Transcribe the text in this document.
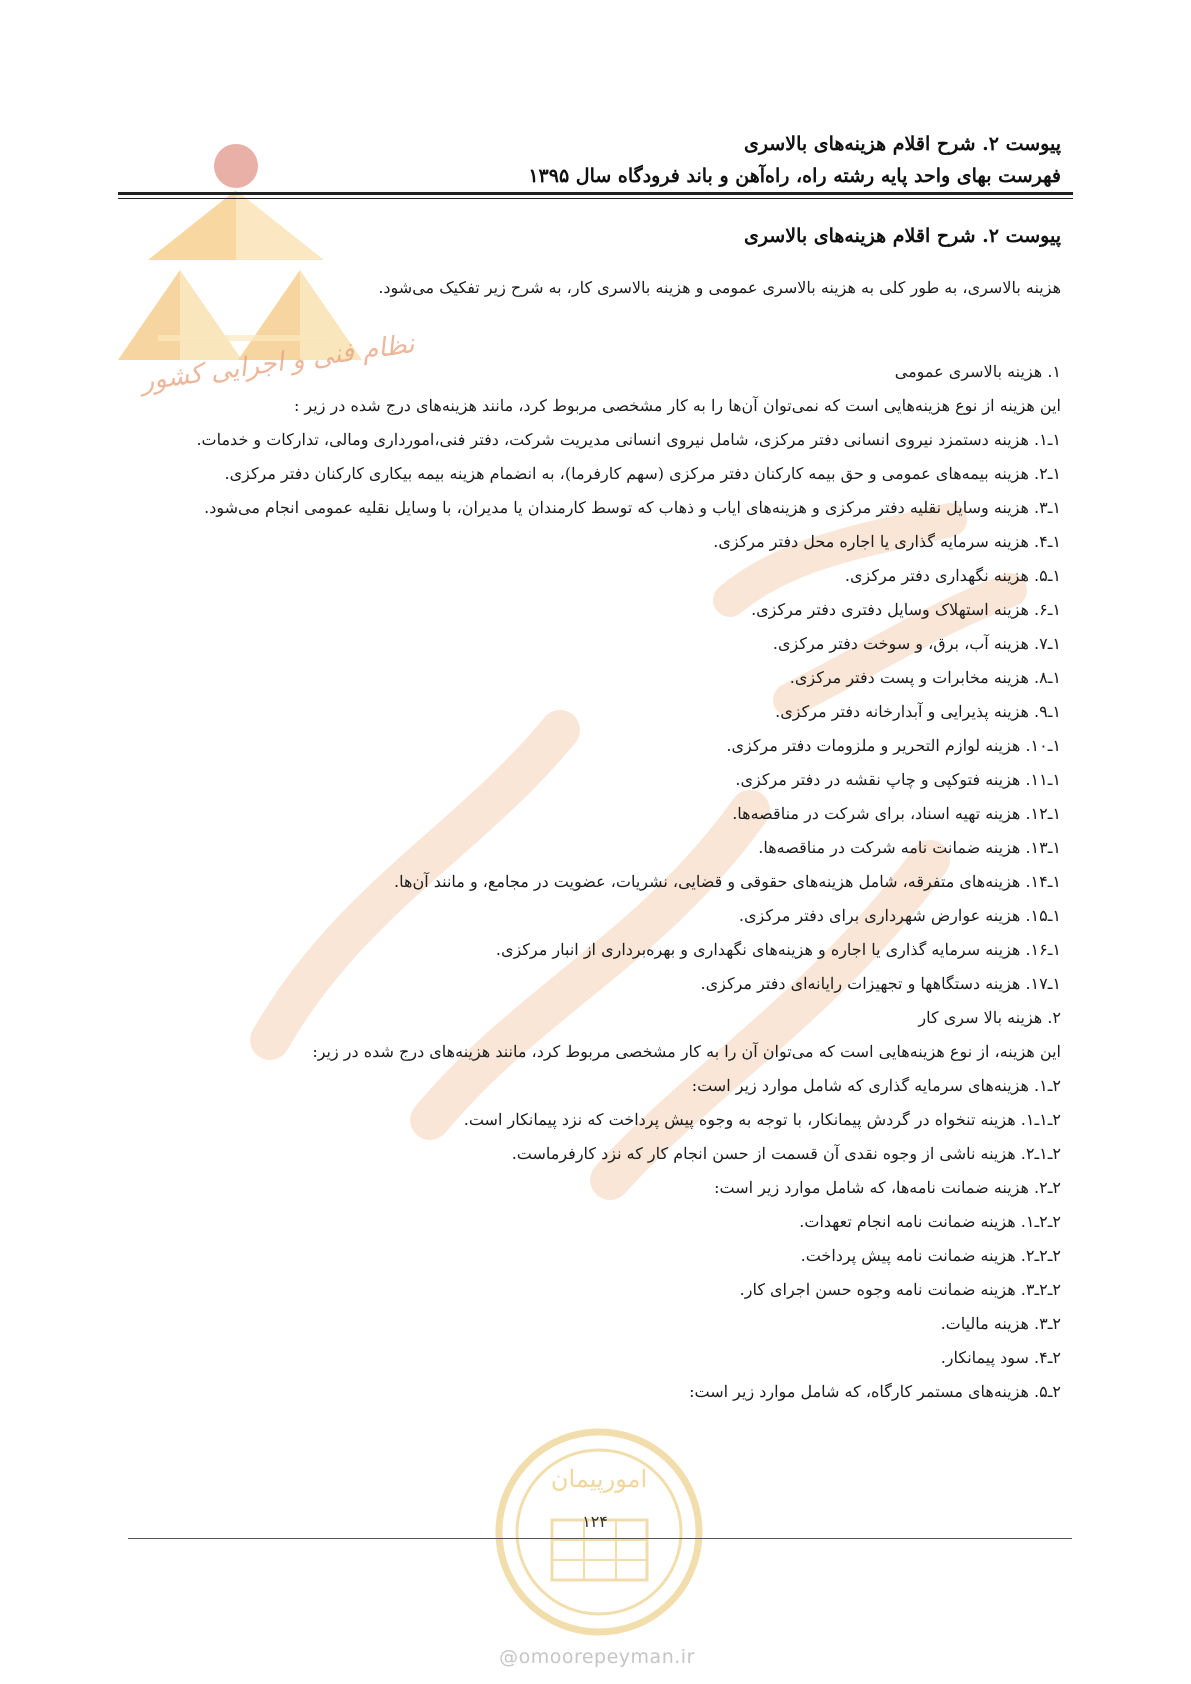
نظام فنی و اجرایی کشور
پیوست ۲. شرح اقلام هزینه‌های بالاسری
فهرست بهای واحد پایه رشته راه، راه‌آهن و باند فرودگاه سال ۱۳۹۵
پیوست ۲. شرح اقلام هزینه‌های بالاسری
هزینه بالاسری، به طور کلی به هزینه بالاسری عمومی و هزینه بالاسری کار، به شرح زیر تفکیک می‌شود.
۱. هزینه بالاسری عمومی
این هزینه از نوع هزینه‌هایی است که نمی‌توان آن‌ها را به کار مشخصی مربوط کرد، مانند هزینه‌های درج شده در زیر :
۱ـ۱. هزینه دستمزد نیروی انسانی دفتر مرکزی، شامل نیروی انسانی مدیریت شرکت، دفتر فنی،امورداری ومالی، تدارکات و خدمات.
۱ـ۲. هزینه بیمه‌های عمومی و حق بیمه کارکنان دفتر مرکزی (سهم کارفرما)، به انضمام هزینه بیمه بیکاری کارکنان دفتر مرکزی.
۱ـ۳. هزینه وسایل نقلیه دفتر مرکزی و هزینه‌های ایاب و ذهاب که توسط کارمندان یا مدیران، با وسایل نقلیه عمومی انجام می‌شود.
۱ـ۴. هزینه سرمایه گذاری یا اجاره محل دفتر مرکزی.
۱ـ۵. هزینه نگهداری دفتر مرکزی.
۱ـ۶. هزینه استهلاک وسایل دفتری دفتر مرکزی.
۱ـ۷. هزینه آب، برق، و سوخت دفتر مرکزی.
۱ـ۸. هزینه مخابرات و پست دفتر مرکزی.
۱ـ۹. هزینه پذیرایی و آبدارخانه دفتر مرکزی.
۱ـ۱۰. هزینه لوازم التحریر و ملزومات دفتر مرکزی.
۱ـ۱۱. هزینه فتوکپی و چاپ نقشه در دفتر مرکزی.
۱ـ۱۲. هزینه تهیه اسناد، برای شرکت در مناقصه‌ها.
۱ـ۱۳. هزینه ضمانت نامه شرکت در مناقصه‌ها.
۱ـ۱۴. هزینه‌های متفرقه، شامل هزینه‌های حقوقی و قضایی، نشریات، عضویت در مجامع، و مانند آن‌ها.
۱ـ۱۵. هزینه عوارض شهرداری برای دفتر مرکزی.
۱ـ۱۶. هزینه سرمایه گذاری یا اجاره و هزینه‌های نگهداری و بهره‌برداری از انبار مرکزی.
۱ـ۱۷. هزینه دستگاهها و تجهیزات رایانه‌ای دفتر مرکزی.
۲. هزینه بالا سری کار
این هزینه، از نوع هزینه‌هایی است که می‌توان آن را به کار مشخصی مربوط کرد، مانند هزینه‌های درج شده در زیر:
۲ـ۱. هزینه‌های سرمایه گذاری که شامل موارد زیر است:
۲ـ۱ـ۱. هزینه تنخواه در گردش پیمانکار، با توجه به وجوه پیش پرداخت که نزد پیمانکار است.
۲ـ۱ـ۲. هزینه ناشی از وجوه نقدی آن قسمت از حسن انجام کار که نزد کارفرماست.
۲ـ۲. هزینه ضمانت نامه‌ها، که شامل موارد زیر است:
۲ـ۲ـ۱. هزینه ضمانت نامه انجام تعهدات.
۲ـ۲ـ۲. هزینه ضمانت نامه پیش پرداخت.
۲ـ۲ـ۳. هزینه ضمانت نامه وجوه حسن اجرای کار.
۲ـ۳. هزینه مالیات.
۲ـ۴. سود پیمانکار.
۲ـ۵. هزینه‌های مستمر کارگاه، که شامل موارد زیر است:
امورپیمان
۱۲۴
@omoorepeyman.ir
